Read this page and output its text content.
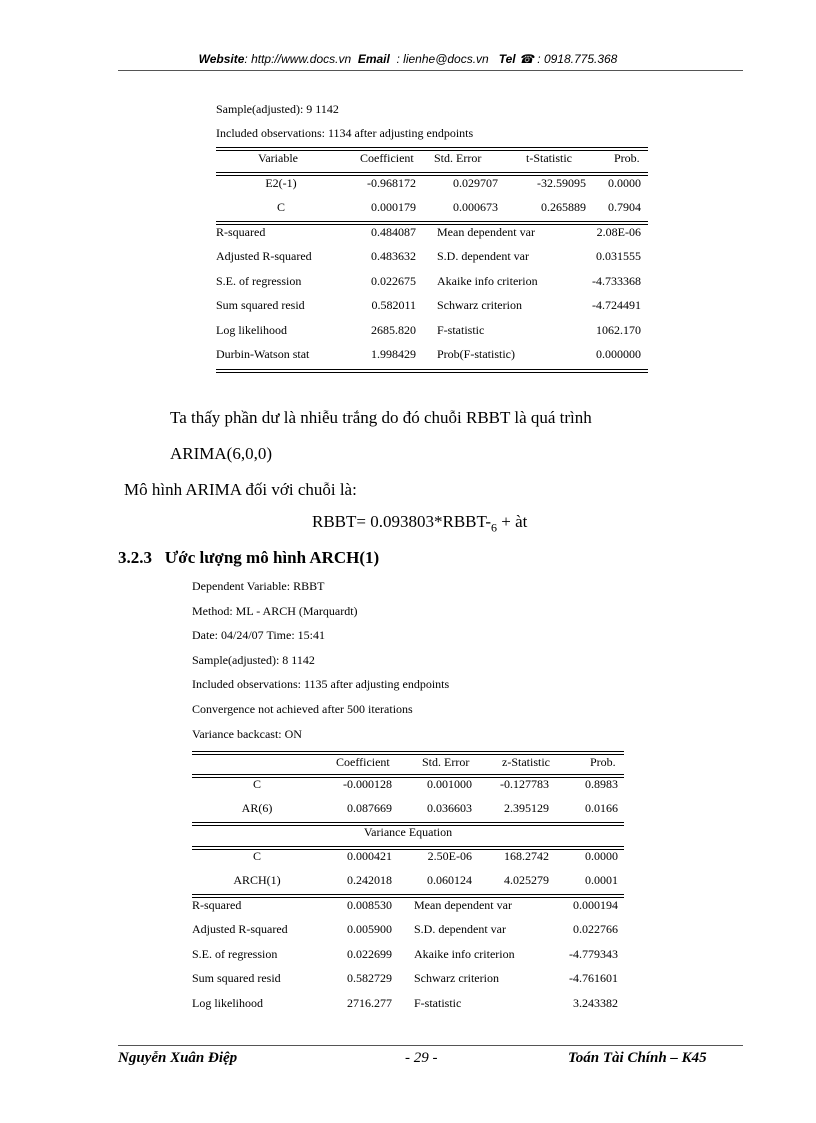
Website: http://www.docs.vn Email : lienhe@docs.vn Tel ☎ : 0918.775.368
Sample(adjusted): 9 1142
Included observations: 1134 after adjusting endpoints
Variable	Coefficient Std. Error	t-Statistic	Prob.
E2(-1)	-0.968172	0.029707	-32.59095	0.0000
C	0.000179	0.000673	0.265889	0.7904
R-squared	0.484087 Mean dependent var	2.08E-06
Adjusted R-squared	0.483632 S.D. dependent var	0.031555
S.E. of regression	0.022675 Akaike info criterion	-4.733368
Sum squared resid	0.582011 Schwarz criterion	-4.724491
Log likelihood	2685.820 F-statistic	1062.170
Durbin-Watson stat	1.998429 Prob(F-statistic)	0.000000
Ta thấy phần dư là nhiễu trắng do đó chuỗi RBBT là quá trình
ARIMA(6,0,0)
Mô hình ARIMA đối với chuỗi là:
RBBT= $0.093803*RBBT-_6$ + àt
3.2.3 Ước lượng mô hình ARCH(1)
Dependent Variable: RBBT
Method: ML - ARCH (Marquardt)
Date: 04/24/07 Time: 15:41
Sample(adjusted): 8 1142
Included observations: 1135 after adjusting endpoints
Convergence not achieved after 500 iterations
Variance backcast: ON
Coefficient	Std. Error	z-Statistic	Prob.
C	-0.000128	0.001000	-0.127783	0.8983
AR(6)	0.087669	0.036603	2.395129	0.0166
Variance Equation
C	0.000421	2.50E-06	168.2742	0.0000
ARCH(1)	0.242018	0.060124	4.025279	0.0001
R-squared	0.008530 Mean dependent var	0.000194
Adjusted R-squared	0.005900 S.D. dependent var	0.022766
S.E. of regression	0.022699 Akaike info criterion	-4.779343
Sum squared resid	0.582729 Schwarz criterion	-4.761601
Log likelihood	2716.277 F-statistic	3.243382
Nguyễn Xuân Điệp	- 29 -	Toán Tài Chính – K45
